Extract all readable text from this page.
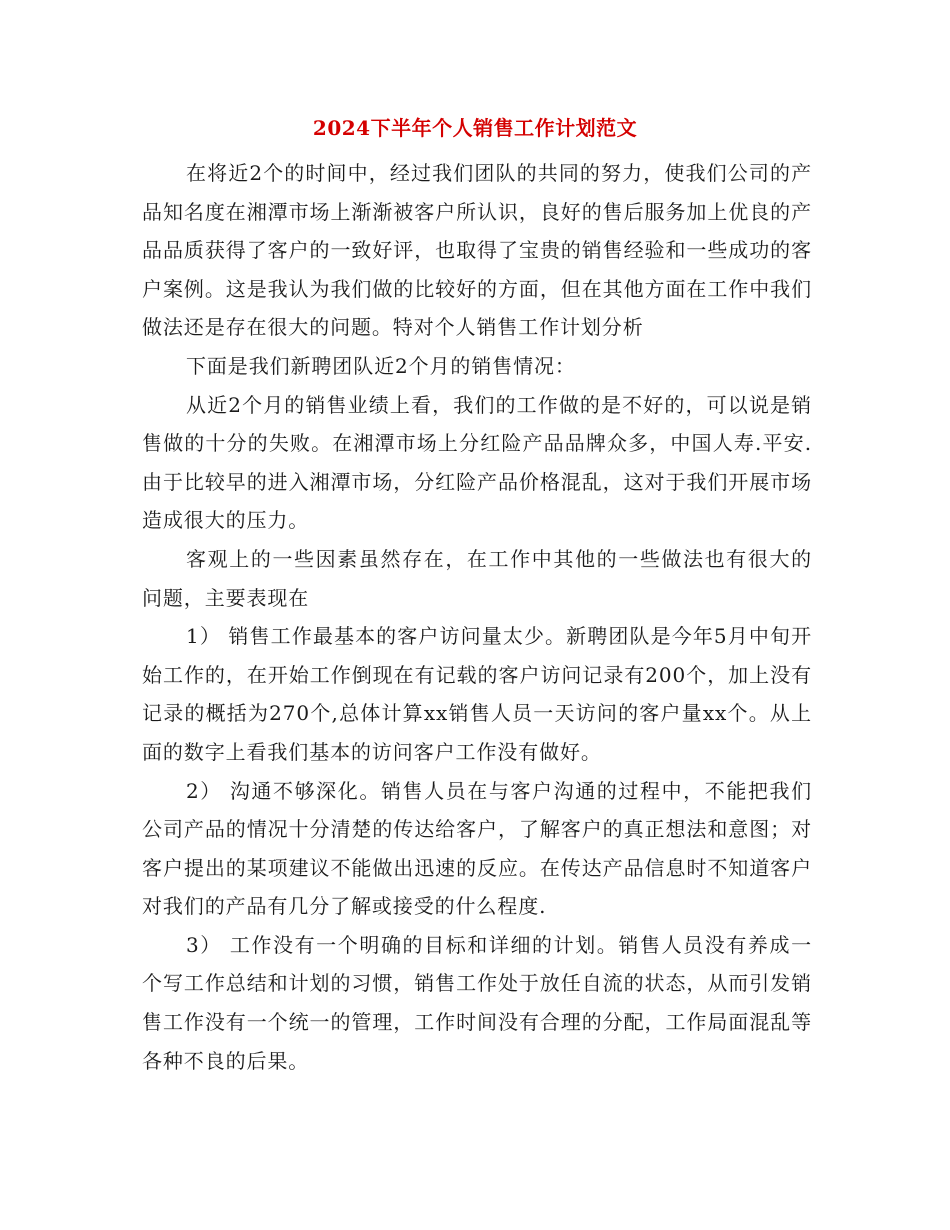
2024下半年个人销售工作计划范文

在将近2个的时间中，经过我们团队的共同的努力，使我们公司的产品知名度在湘潭市场上渐渐被客户所认识，良好的售后服务加上优良的产品品质获得了客户的一致好评，也取得了宝贵的销售经验和一些成功的客户案例。这是我认为我们做的比较好的方面，但在其他方面在工作中我们做法还是存在很大的问题。特对个人销售工作计划分析

下面是我们新聘团队近2个月的销售情况：

从近2个月的销售业绩上看，我们的工作做的是不好的，可以说是销售做的十分的失败。在湘潭市场上分红险产品品牌众多，中国人寿.平安.由于比较早的进入湘潭市场，分红险产品价格混乱，这对于我们开展市场造成很大的压力。

客观上的一些因素虽然存在，在工作中其他的一些做法也有很大的问题，主要表现在

1） 销售工作最基本的客户访问量太少。新聘团队是今年5月中旬开始工作的，在开始工作倒现在有记载的客户访问记录有200个，加上没有记录的概括为270个,总体计算xx销售人员一天访问的客户量xx个。从上面的数字上看我们基本的访问客户工作没有做好。

2） 沟通不够深化。销售人员在与客户沟通的过程中，不能把我们公司产品的情况十分清楚的传达给客户，了解客户的真正想法和意图；对客户提出的某项建议不能做出迅速的反应。在传达产品信息时不知道客户对我们的产品有几分了解或接受的什么程度.

3） 工作没有一个明确的目标和详细的计划。销售人员没有养成一个写工作总结和计划的习惯，销售工作处于放任自流的状态，从而引发销售工作没有一个统一的管理，工作时间没有合理的分配，工作局面混乱等各种不良的后果。
